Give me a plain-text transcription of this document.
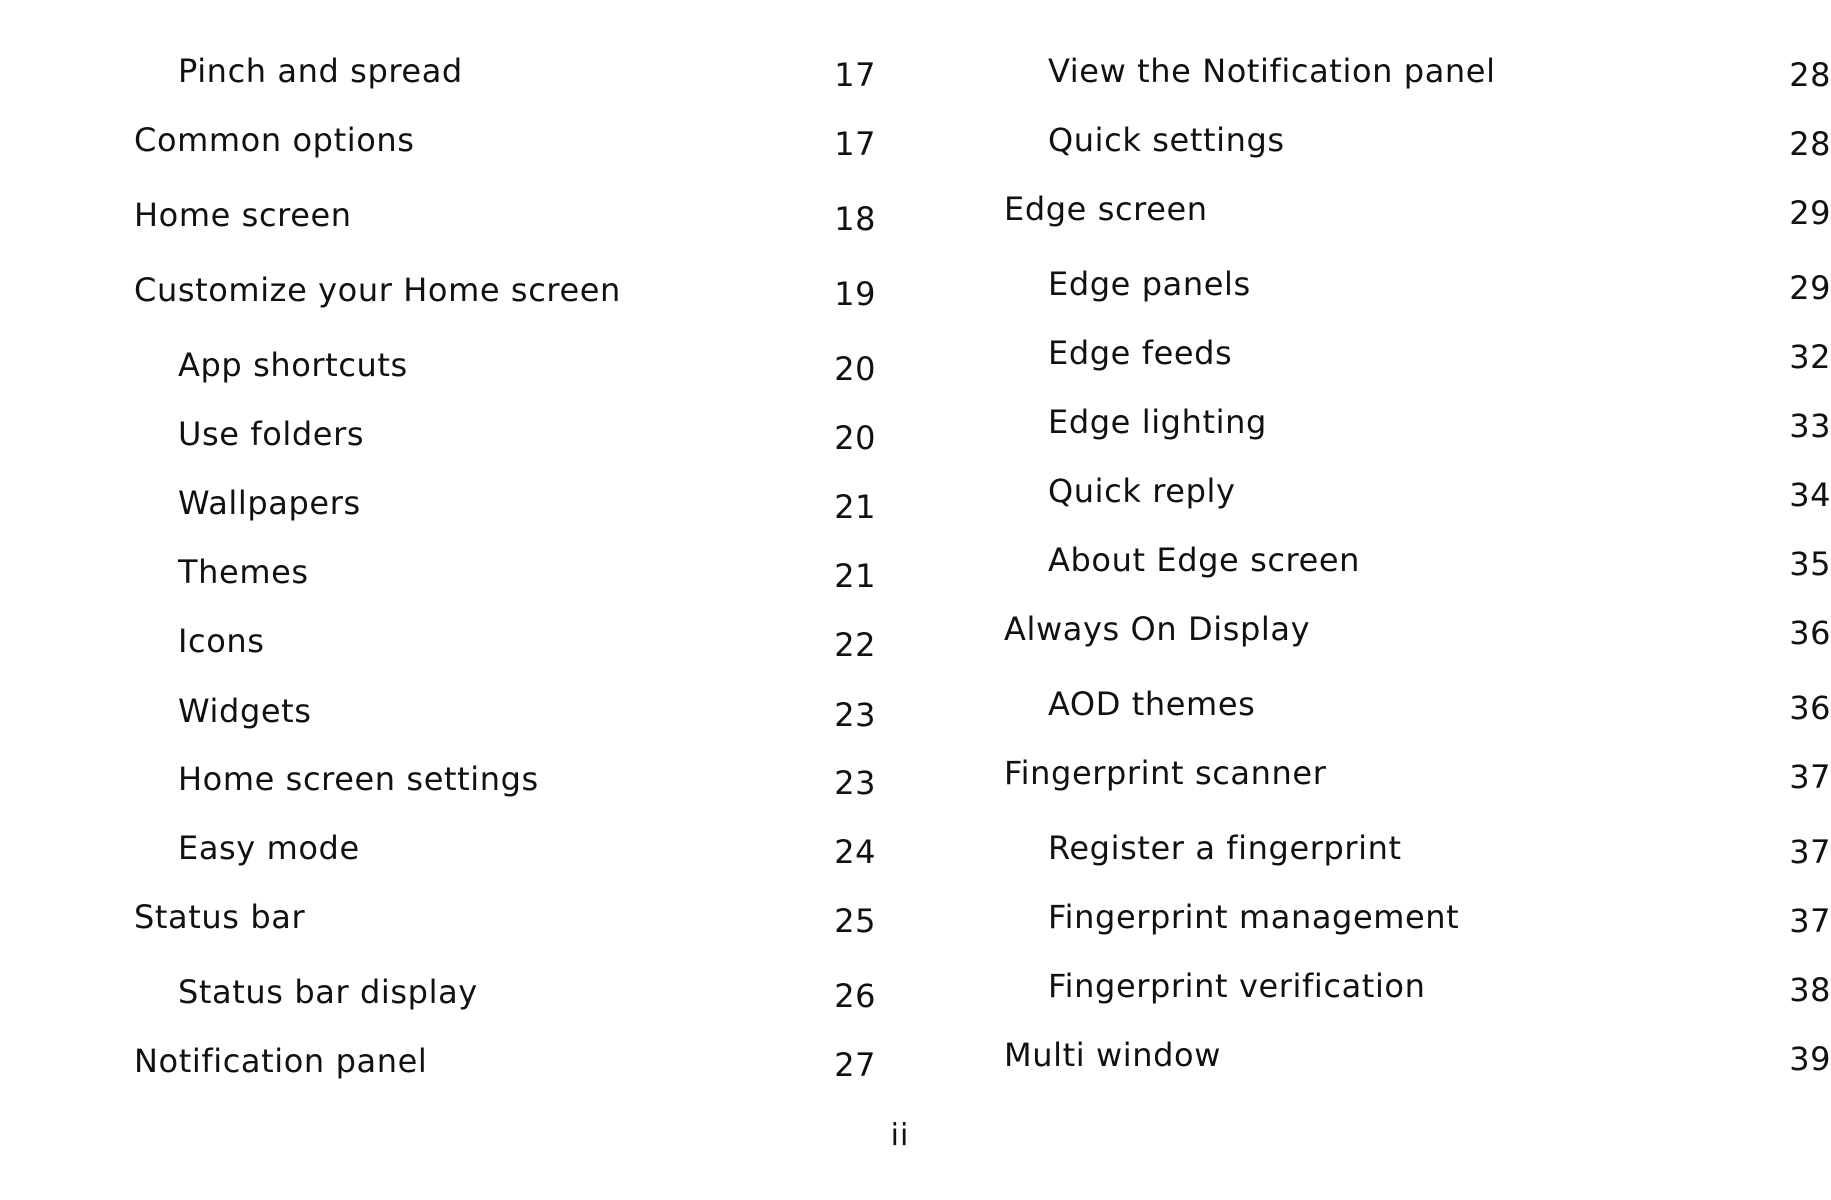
Pinch and spread	17
Common options	17
Home screen	18
Customize your Home screen	19
App shortcuts	20
Use folders	20
Wallpapers	21
Themes	21
Icons	22
Widgets	23
Home screen settings	23
Easy mode	24
Status bar	25
Status bar display	26
Notification panel	27
View the Notification panel	28
Quick settings	28
Edge screen	29
Edge panels	29
Edge feeds	32
Edge lighting	33
Quick reply	34
About Edge screen	35
Always On Display	36
AOD themes	36
Fingerprint scanner	37
Register a fingerprint	37
Fingerprint management	37
Fingerprint verification	38
Multi window	39
ii
